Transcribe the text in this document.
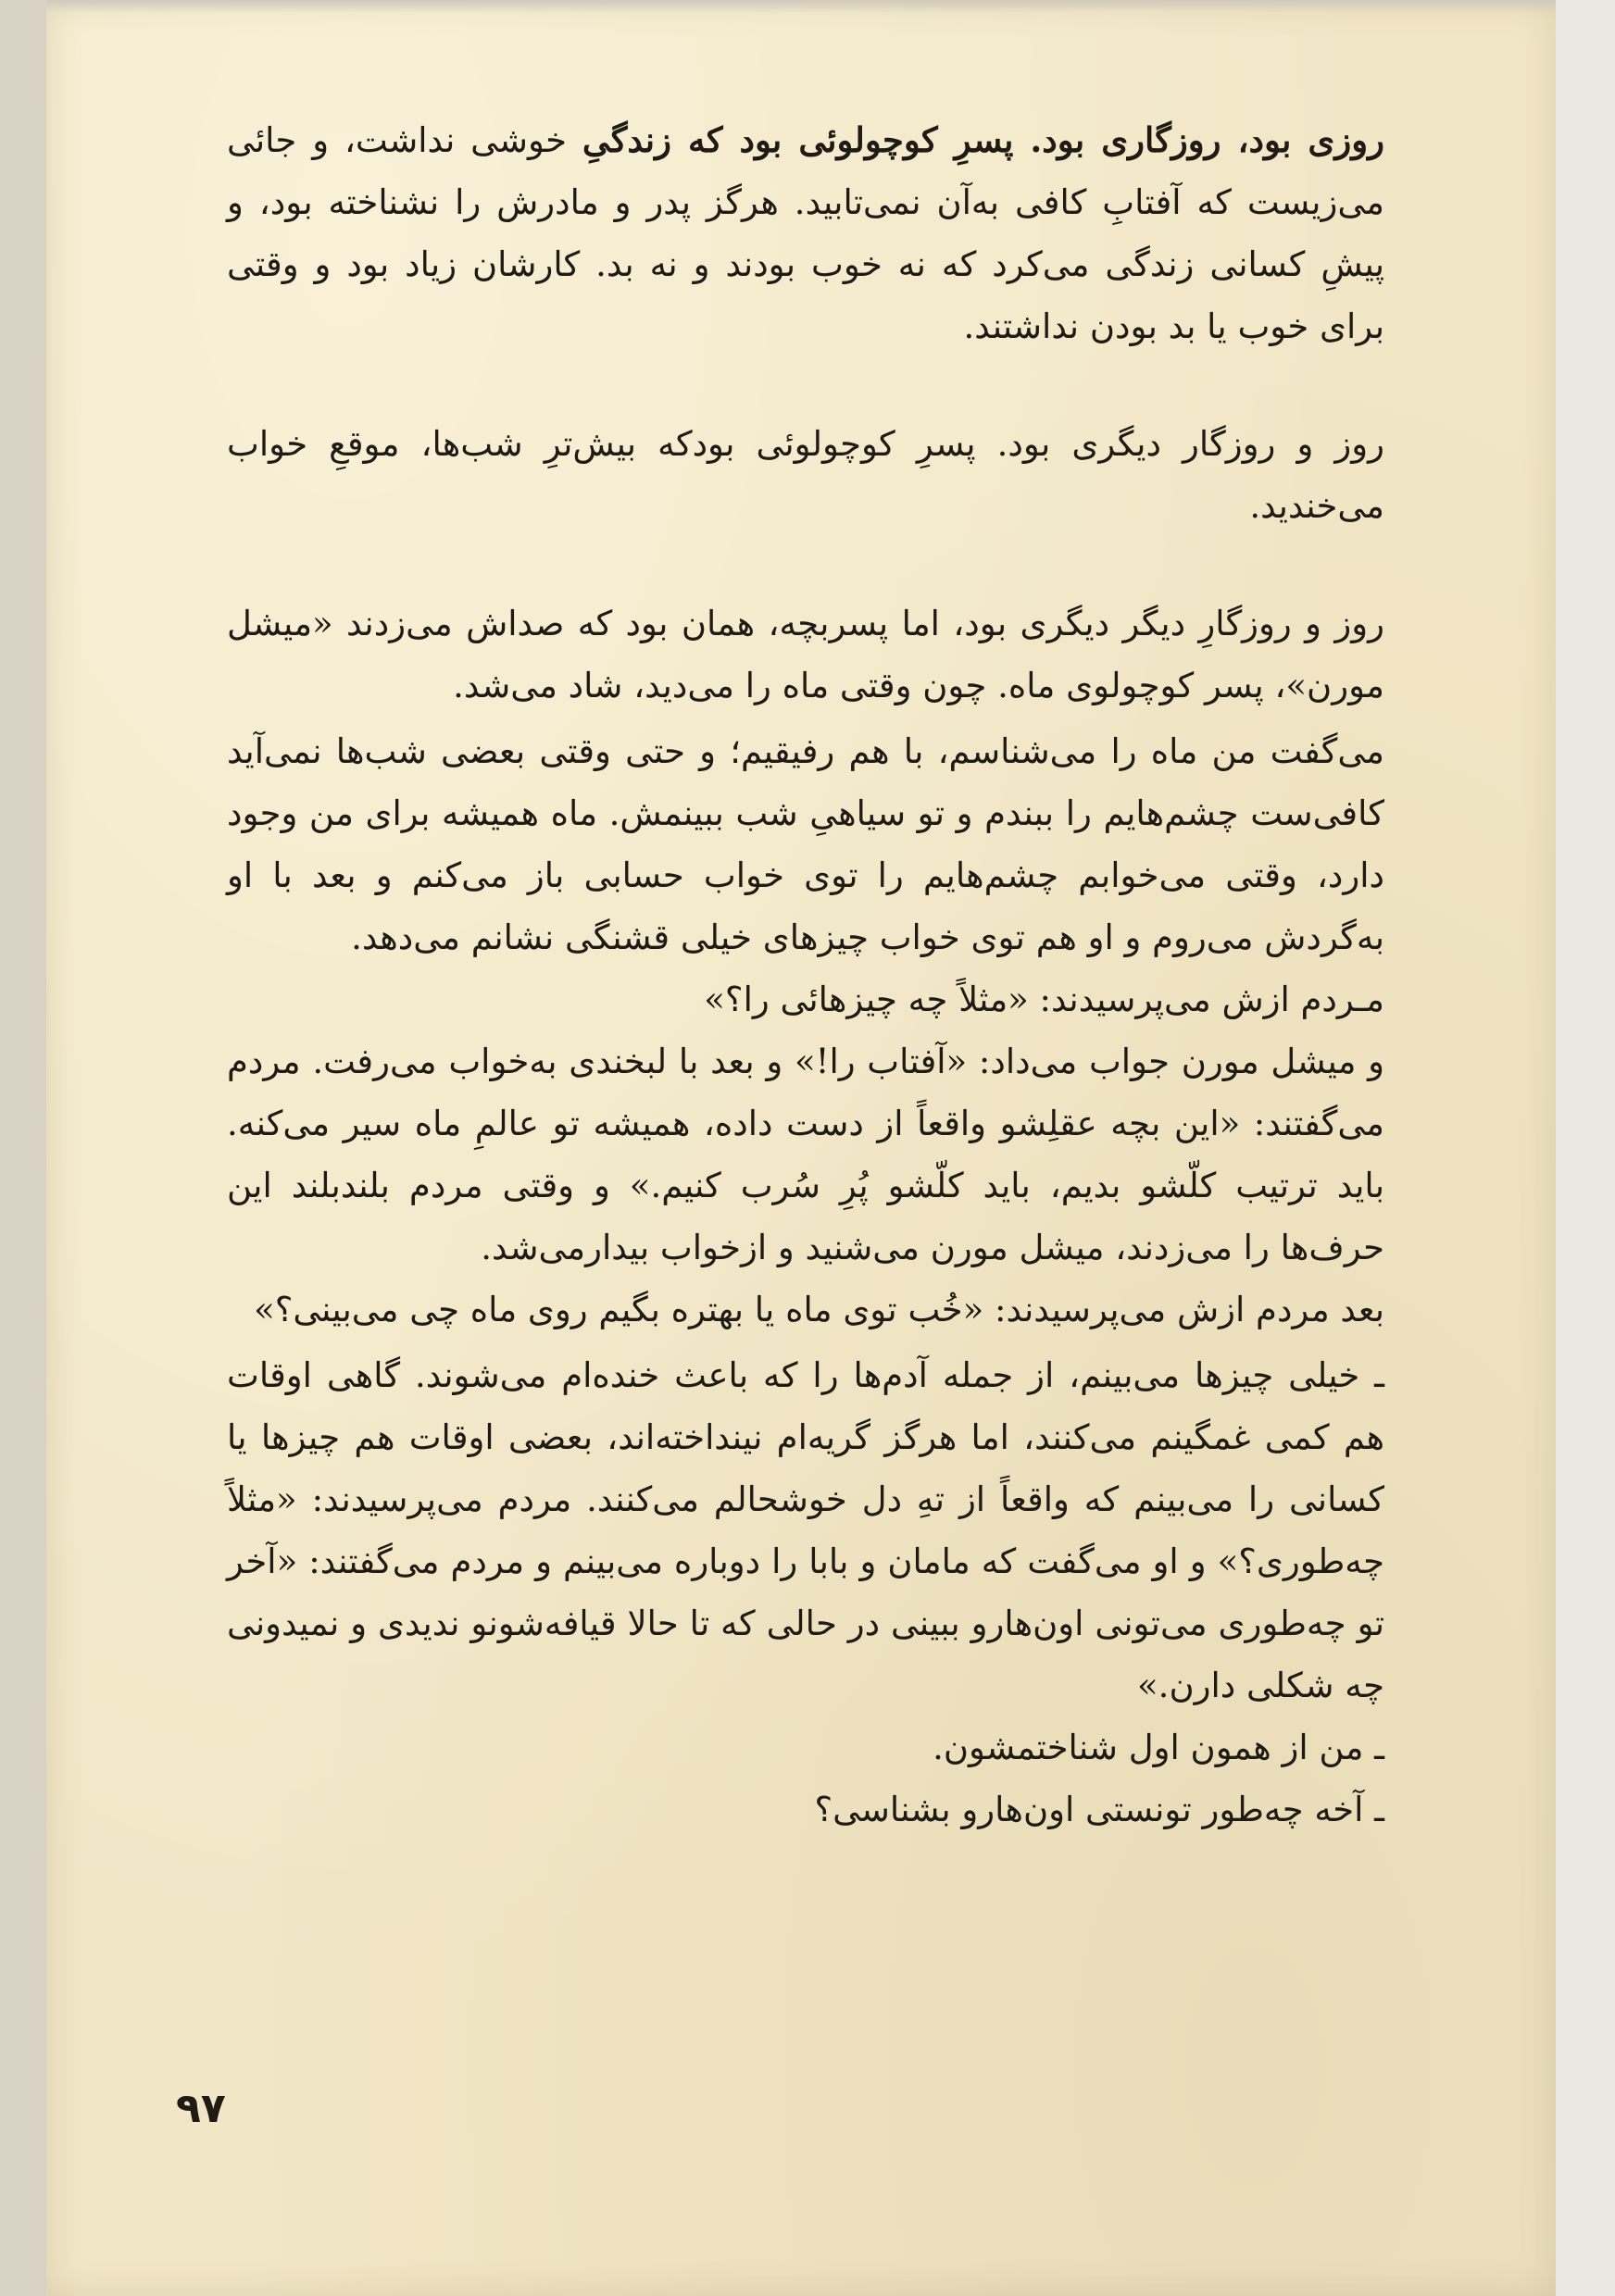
روزی بود، روزگاری بود. پسرِ کوچولوئی بود که زندگیِ خوشی نداشت، و جائی می‌زیست که آفتابِ کافی به‌آن نمی‌تابید. هرگز پدر و مادرش را نشناخته بود، و پیشِ کسانی زندگی می‌کرد که نه خوب بودند و نه بد. کارشان زیاد بود و وقتی برای خوب یا بد بودن نداشتند.

روز و روزگار دیگری بود. پسرِ کوچولوئی بودکه بیش‌ترِ شب‌ها، موقعِ خواب می‌خندید.

روز و روزگارِ دیگر دیگری بود، اما پسربچه، همان بود که صداش می‌زدند «میشل مورن»، پسر کوچولوی ماه. چون وقتی ماه را می‌دید، شاد می‌شد.

می‌گفت من ماه را می‌شناسم، با هم رفیقیم؛ و حتی وقتی بعضی شب‌ها نمی‌آید کافی‌ست چشم‌هایم را ببندم و تو سیاهیِ شب ببینمش. ماه همیشه برای من وجود دارد، وقتی می‌خوابم چشم‌هایم را توی خواب حسابی باز می‌کنم و بعد با او به‌گردش می‌روم و او هم توی خواب چیزهای خیلی قشنگی نشانم می‌دهد.

مـردم ازش می‌پرسیدند: «مثلاً چه چیزهائی را؟»

و میشل مورن جواب می‌داد: «آفتاب را!» و بعد با لبخندی به‌خواب می‌رفت. مردم می‌گفتند: «این بچه عقلِشو واقعاً از دست داده، همیشه تو عالمِ ماه سیر می‌کنه. باید ترتیب کلّشو بدیم، باید کلّشو پُرِ سُرب کنیم.» و وقتی مردم بلندبلند این حرف‌ها را می‌زدند، میشل مورن می‌شنید و ازخواب بیدارمی‌شد.

بعد مردم ازش می‌پرسیدند: «خُب توی ماه یا بهتره بگیم روی ماه چی می‌بینی؟»

ـ خیلی چیزها می‌بینم، از جمله آدم‌ها را که باعث خنده‌ام می‌شوند. گاهی اوقات هم کمی غمگینم می‌کنند، اما هرگز گریه‌ام نینداخته‌اند، بعضی اوقات هم چیزها یا کسانی را می‌بینم که واقعاً از تهِ دل خوشحالم می‌کنند. مردم می‌پرسیدند: «مثلاً چه‌طوری؟» و او می‌گفت که مامان و بابا را دوباره می‌بینم و مردم می‌گفتند: «آخر تو چه‌طوری می‌تونی اون‌هارو ببینی در حالی که تا حالا قیافه‌شونو ندیدی و نمیدونی چه شکلی دارن.»

ـ من از همون اول شناختمشون.

ـ آخه چه‌طور تونستی اون‌هارو بشناسی؟

۹۷
